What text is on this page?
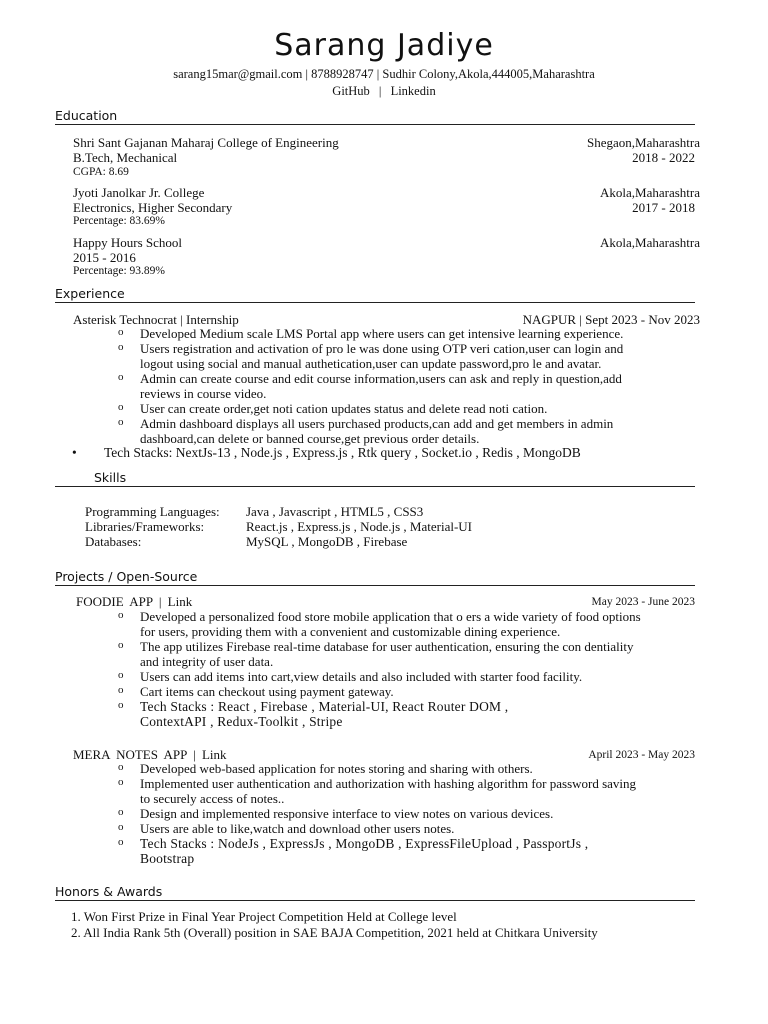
Sarang Jadiye
sarang15mar@gmail.com | 8788928747 | Sudhir Colony,Akola,444005,Maharashtra
GitHub | Linkedin
Education
Shri Sant Gajanan Maharaj College of Engineering	Shegaon,Maharashtra
B.Tech, Mechanical	2018 - 2022
CGPA: 8.69
Jyoti Janolkar Jr. College	Akola,Maharashtra
Electronics, Higher Secondary	2017 - 2018
Percentage: 83.69%
Happy Hours School	Akola,Maharashtra
2015 - 2016
Percentage: 93.89%
Experience
Asterisk Technocrat | Internship	NAGPUR | Sept 2023 - Nov 2023
o Developed Medium scale LMS Portal app where users can get intensive learning experience.
o Users registration and activation of pro le was done using OTP veri cation,user can login and
logout using social and manual authetication,user can update password,pro le and avatar.
o Admin can create course and edit course information,users can ask and reply in question,add
reviews in course video.
o User can create order,get noti cation updates status and delete read noti cation.
o Admin dashboard displays all users purchased products,can add and get members in admin
dashboard,can delete or banned course,get previous order details.
• Tech Stacks: NextJs-13 , Node.js , Express.js , Rtk query , Socket.io , Redis , MongoDB
Skills
Programming Languages: Java , Javascript , HTML5 , CSS3
Libraries/Frameworks:	React.js , Express.js , Node.js , Material-UI
Databases:	MySQL , MongoDB , Firebase
Projects / Open-Source
FOODIE APP | Link	May 2023 - June 2023
o Developed a personalized food store mobile application that o ers a wide variety of food options
for users, providing them with a convenient and customizable dining experience.
o The app utilizes Firebase real-time database for user authentication, ensuring the con dentiality
and integrity of user data.
o Users can add items into cart,view details and also included with starter food facility.
o Cart items can checkout using payment gateway.
o Tech Stacks : React , Firebase , Material-UI, React Router DOM ,
ContextAPI , Redux-Toolkit , Stripe
MERA NOTES APP | Link	April 2023 - May 2023
o Developed web-based application for notes storing and sharing with others.
o Implemented user authentication and authorization with hashing algorithm for password saving
to securely access of notes..
o Design and implemented responsive interface to view notes on various devices.
o Users are able to like,watch and download other users notes.
o Tech Stacks : NodeJs , ExpressJs , MongoDB , ExpressFileUpload , PassportJs ,
Bootstrap
Honors & Awards
1. Won First Prize in Final Year Project Competition Held at College level
2. All India Rank 5th (Overall) position in SAE BAJA Competition, 2021 held at Chitkara University
